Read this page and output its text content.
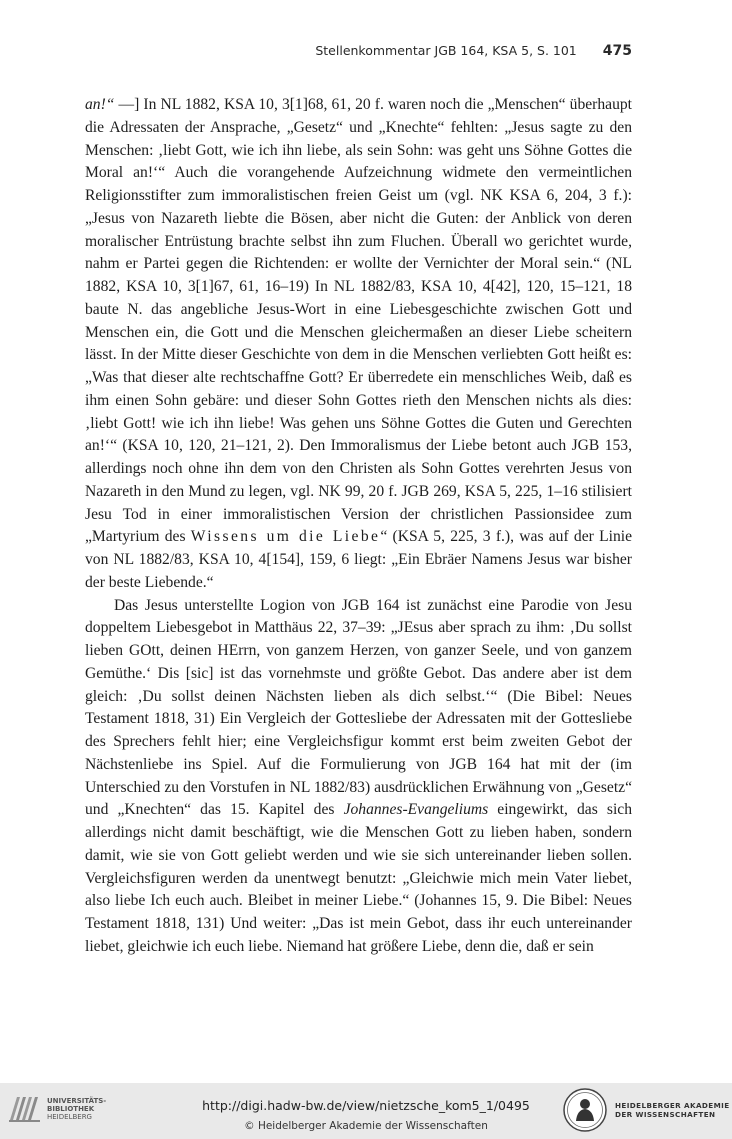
Stellenkommentar JGB 164, KSA 5, S. 101 475

an!“ —] In NL 1882, KSA 10, 3[1]68, 61, 20 f. waren noch die „Menschen“ überhaupt die Adressaten der Ansprache, „Gesetz“ und „Knechte“ fehlten: „Jesus sagte zu den Menschen: ‚liebt Gott, wie ich ihn liebe, als sein Sohn: was geht uns Söhne Gottes die Moral an!‘“ Auch die vorangehende Aufzeichnung widmete den vermeintlichen Religionsstifter zum immoralistischen freien Geist um (vgl. NK KSA 6, 204, 3 f.): „Jesus von Nazareth liebte die Bösen, aber nicht die Guten: der Anblick von deren moralischer Entrüstung brachte selbst ihn zum Fluchen. Überall wo gerichtet wurde, nahm er Partei gegen die Richtenden: er wollte der Vernichter der Moral sein.“ (NL 1882, KSA 10, 3[1]67, 61, 16–19) In NL 1882/83, KSA 10, 4[42], 120, 15–121, 18 baute N. das angebliche Jesus-Wort in eine Liebesgeschichte zwischen Gott und Menschen ein, die Gott und die Menschen gleichermaßen an dieser Liebe scheitern lässt. In der Mitte dieser Geschichte von dem in die Menschen verliebten Gott heißt es: „Was that dieser alte rechtschaffne Gott? Er überredete ein menschliches Weib, daß es ihm einen Sohn gebäre: und dieser Sohn Gottes rieth den Menschen nichts als dies: ‚liebt Gott! wie ich ihn liebe! Was gehen uns Söhne Gottes die Guten und Gerechten an!‘“ (KSA 10, 120, 21–121, 2). Den Immoralismus der Liebe betont auch JGB 153, allerdings noch ohne ihn dem von den Christen als Sohn Gottes verehrten Jesus von Nazareth in den Mund zu legen, vgl. NK 99, 20 f. JGB 269, KSA 5, 225, 1–16 stilisiert Jesu Tod in einer immoralistischen Version der christlichen Passionsidee zum „Martyrium des Wissens um die Liebe“ (KSA 5, 225, 3 f.), was auf der Linie von NL 1882/83, KSA 10, 4[154], 159, 6 liegt: „Ein Ebräer Namens Jesus war bisher der beste Liebende.“

Das Jesus unterstellte Logion von JGB 164 ist zunächst eine Parodie von Jesu doppeltem Liebesgebot in Matthäus 22, 37–39: „JEsus aber sprach zu ihm: ‚Du sollst lieben GOtt, deinen HErrn, von ganzem Herzen, von ganzer Seele, und von ganzem Gemüthe.‘ Dis [sic] ist das vornehmste und größte Gebot. Das andere aber ist dem gleich: ‚Du sollst deinen Nächsten lieben als dich selbst.‘“ (Die Bibel: Neues Testament 1818, 31) Ein Vergleich der Gottesliebe der Adressaten mit der Gottesliebe des Sprechers fehlt hier; eine Vergleichsfigur kommt erst beim zweiten Gebot der Nächstenliebe ins Spiel. Auf die Formulierung von JGB 164 hat mit der (im Unterschied zu den Vorstufen in NL 1882/83) ausdrücklichen Erwähnung von „Gesetz“ und „Knechten“ das 15. Kapitel des Johannes-Evangeliums eingewirkt, das sich allerdings nicht damit beschäftigt, wie die Menschen Gott zu lieben haben, sondern damit, wie sie von Gott geliebt werden und wie sie sich untereinander lieben sollen. Vergleichsfiguren werden da unentwegt benutzt: „Gleichwie mich mein Vater liebet, also liebe Ich euch auch. Bleibet in meiner Liebe.“ (Johannes 15, 9. Die Bibel: Neues Testament 1818, 131) Und weiter: „Das ist mein Gebot, dass ihr euch untereinander liebet, gleichwie ich euch liebe. Niemand hat größere Liebe, denn die, daß er sein

UNIVERSITÄTS-
BIBLIOTHEK
HEIDELBERG
http://digi.hadw-bw.de/view/nietzsche_kom5_1/0495
© Heidelberger Akademie der Wissenschaften
HEIDELBERGER AKADEMIE
DER WISSENSCHAFTEN
